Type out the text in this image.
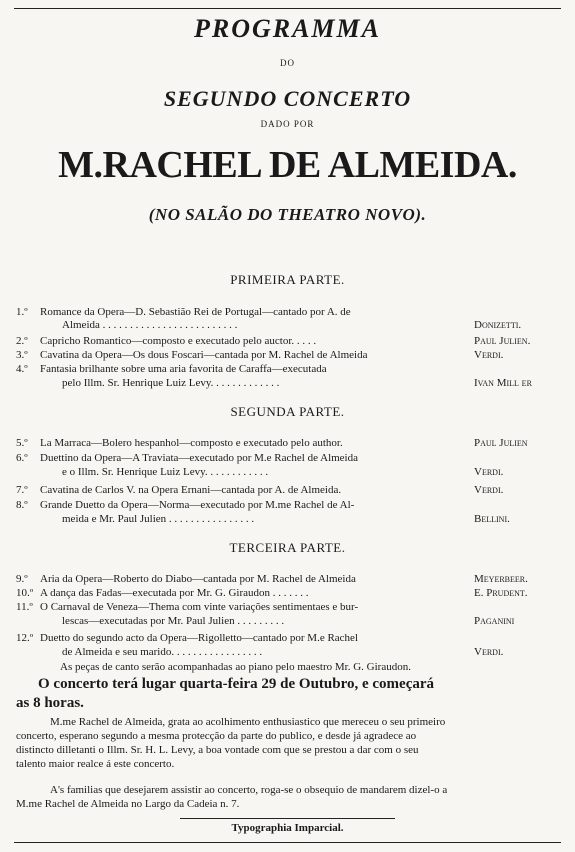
PROGRAMMA
DO
SEGUNDO CONCERTO
DADO POR
M.RACHEL DE ALMEIDA.
(NO SALÃO DO THEATRO NOVO).
PRIMEIRA PARTE.
1.º	Romance da Opera—D. Sebastião Rei de Portugal—cantado por A. de
Almeida . . . . . . . . . . . . . . . . . . . . . . . . .	Donizetti.
2.º	Capricho Romantico—composto e executado pelo auctor. . . . .	Paul Julien.
3.º	Cavatina da Opera—Os dous Foscari—cantada por M. Rachel de Almeida	Verdi.
4.º	Fantasia brilhante sobre uma aria favorita de Caraffa—executada
pelo Illm. Sr. Henrique Luiz Levy. . . . . . . . . . . . .	Ivan Mill er
SEGUNDA PARTE.
5.º	La Marraca—Bolero hespanhol—composto e executado pelo author.	Paul Julien
6.º	Duettino da Opera—A Traviata—executado por M.e Rachel de Almeida
e o Illm. Sr. Henrique Luiz Levy. . . . . . . . . . . .	Verdi.
7.º	Cavatina de Carlos V. na Opera Ernani—cantada por A. de Almeida.	Verdi.
8.º	Grande Duetto da Opera—Norma—executado por M.me Rachel de Al-
meida e Mr. Paul Julien . . . . . . . . . . . . . . . .	Bellini.
TERCEIRA PARTE.
9.º	Aria da Opera—Roberto do Diabo—cantada por M. Rachel de Almeida	Meyerbeer.
10.º A dança das Fadas—executada por Mr. G. Giraudon . . . . . . .	E. Prudent.
11.º O Carnaval de Veneza—Thema com vinte variações sentimentaes e bur-
lescas—executadas por Mr. Paul Julien . . . . . . . . .	Paganini
12.º Duetto do segundo acto da Opera—Rigolletto—cantado por M.e Rachel
de Almeida e seu marido. . . . . . . . . . . . . . . . .	Verdi.
As peças de canto serão acompanhadas ao piano pelo maestro Mr. G. Giraudon.
O concerto terá lugar quarta-feira 29 de Outubro, e começará
as 8 horas.
M.me Rachel de Almeida, grata ao acolhimento enthusiastico que mereceu o seu primeiro
concerto, esperano segundo a mesma protecção da parte do publico, e desde já agradece ao
distincto dilletanti o Illm. Sr. H. L. Levy, a boa vontade com que se prestou a dar com o seu
talento maior realce á este concerto.
A's familias que desejarem assistir ao concerto, roga-se o obsequio de mandarem dizel-o a
M.me Rachel de Almeida no Largo da Cadeia n. 7.
Typographia Imparcial.
